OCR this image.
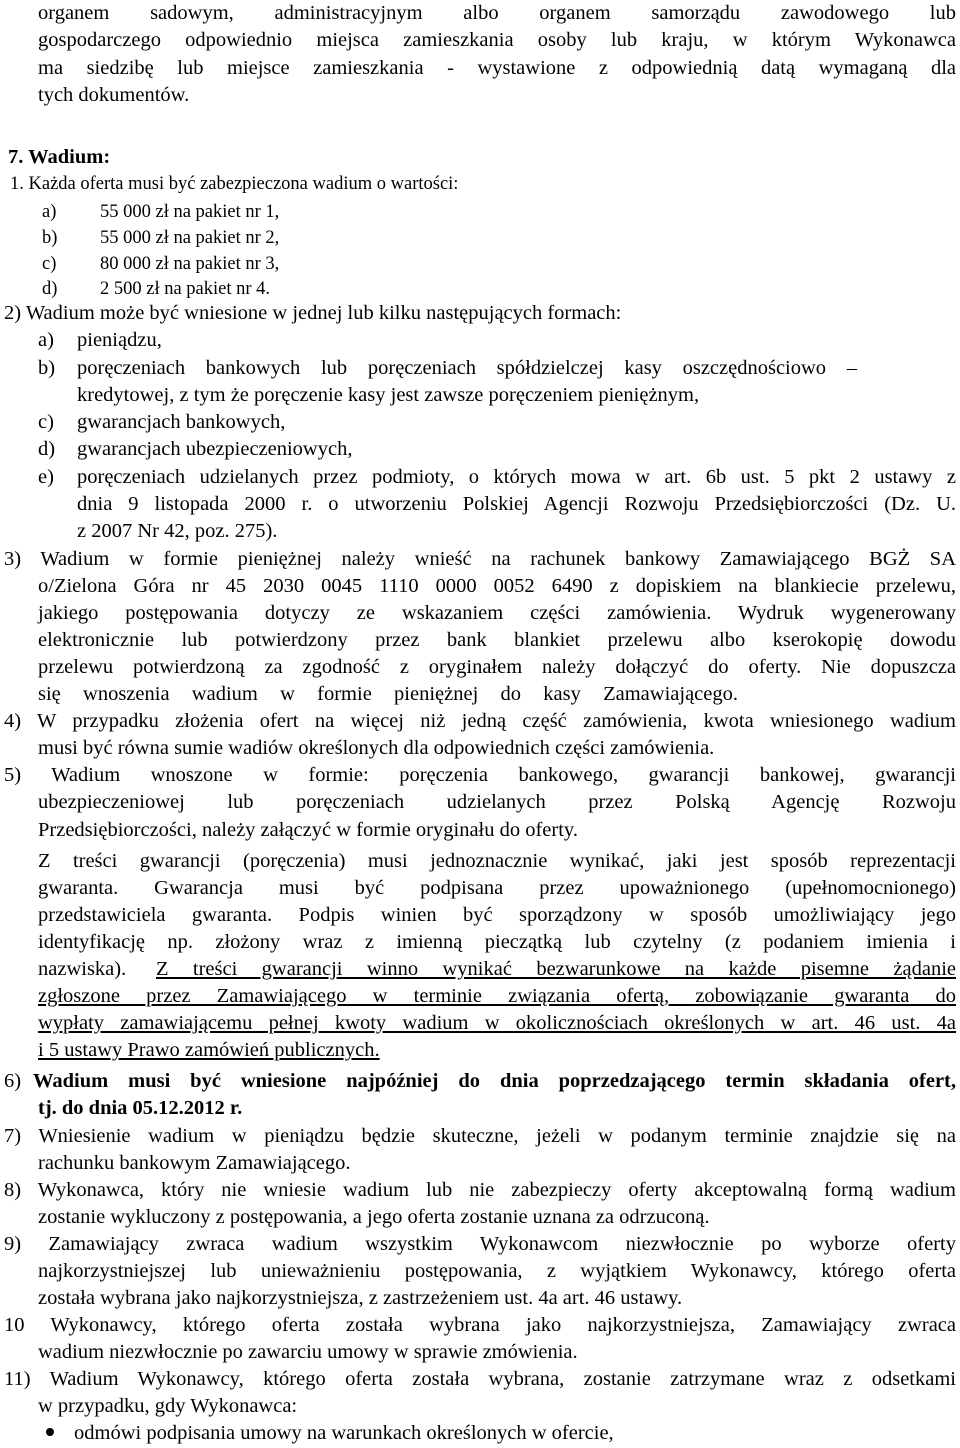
organem sadowym, administracyjnym albo organem samorządu zawodowego lub
gospodarczego odpowiednio miejsca zamieszkania osoby lub kraju, w którym Wykonawca
ma siedzibę lub miejsce zamieszkania - wystawione z odpowiednią datą wymaganą dla
tych dokumentów.
7. Wadium:
1. Każda oferta musi być zabezpieczona wadium o wartości:
a) 55 000 zł na pakiet nr 1,
b) 55 000 zł na pakiet nr 2,
c) 80 000 zł na pakiet nr 3,
d) 2 500 zł na pakiet nr 4.
2) Wadium może być wniesione w jednej lub kilku następujących formach:
a) pieniądzu,
b) poręczeniach bankowych lub poręczeniach spółdzielczej kasy oszczędnościowo –
kredytowej, z tym że poręczenie kasy jest zawsze poręczeniem pieniężnym,
c) gwarancjach bankowych,
d) gwarancjach ubezpieczeniowych,
e) poręczeniach udzielanych przez podmioty, o których mowa w art. 6b ust. 5 pkt 2 ustawy z
dnia 9 listopada 2000 r. o utworzeniu Polskiej Agencji Rozwoju Przedsiębiorczości (Dz. U.
z 2007 Nr 42, poz. 275).
3) Wadium w formie pieniężnej należy wnieść na rachunek bankowy Zamawiającego BGŻ SA
o/Zielona Góra nr 45 2030 0045 1110 0000 0052 6490 z dopiskiem na blankiecie przelewu,
jakiego postępowania dotyczy ze wskazaniem części zamówienia. Wydruk wygenerowany
elektronicznie lub potwierdzony przez bank blankiet przelewu albo kserokopię dowodu
przelewu potwierdzoną za zgodność z oryginałem należy dołączyć do oferty. Nie dopuszcza
się wnoszenia wadium w formie pieniężnej do kasy Zamawiającego.
4) W przypadku złożenia ofert na więcej niż jedną część zamówienia, kwota wniesionego wadium
musi być równa sumie wadiów określonych dla odpowiednich części zamówienia.
5) Wadium wnoszone w formie: poręczenia bankowego, gwarancji bankowej, gwarancji
ubezpieczeniowej lub poręczeniach udzielanych przez Polską Agencję Rozwoju
Przedsiębiorczości, należy załączyć w formie oryginału do oferty.
Z treści gwarancji (poręczenia) musi jednoznacznie wynikać, jaki jest sposób reprezentacji
gwaranta. Gwarancja musi być podpisana przez upoważnionego (upełnomocnionego)
przedstawiciela gwaranta. Podpis winien być sporządzony w sposób umożliwiający jego
identyfikację np. złożony wraz z imienną pieczątką lub czytelny (z podaniem imienia i
nazwiska). Z treści gwarancji winno wynikać bezwarunkowe na każde pisemne żądanie
zgłoszone przez Zamawiającego w terminie związania ofertą, zobowiązanie gwaranta do
wypłaty zamawiającemu pełnej kwoty wadium w okolicznościach określonych w art. 46 ust. 4a
i 5 ustawy Prawo zamówień publicznych.
6) Wadium musi być wniesione najpóźniej do dnia poprzedzającego termin składania ofert,
tj. do dnia 05.12.2012 r.
7) Wniesienie wadium w pieniądzu będzie skuteczne, jeżeli w podanym terminie znajdzie się na
rachunku bankowym Zamawiającego.
8) Wykonawca, który nie wniesie wadium lub nie zabezpieczy oferty akceptowalną formą wadium
zostanie wykluczony z postępowania, a jego oferta zostanie uznana za odrzuconą.
9) Zamawiający zwraca wadium wszystkim Wykonawcom niezwłocznie po wyborze oferty
najkorzystniejszej lub unieważnieniu postępowania, z wyjątkiem Wykonawcy, którego oferta
została wybrana jako najkorzystniejsza, z zastrzeżeniem ust. 4a art. 46 ustawy.
10 Wykonawcy, którego oferta została wybrana jako najkorzystniejsza, Zamawiający zwraca
wadium niezwłocznie po zawarciu umowy w sprawie zmówienia.
11) Wadium Wykonawcy, którego oferta została wybrana, zostanie zatrzymane wraz z odsetkami
w przypadku, gdy Wykonawca:
odmówi podpisania umowy na warunkach określonych w ofercie,
